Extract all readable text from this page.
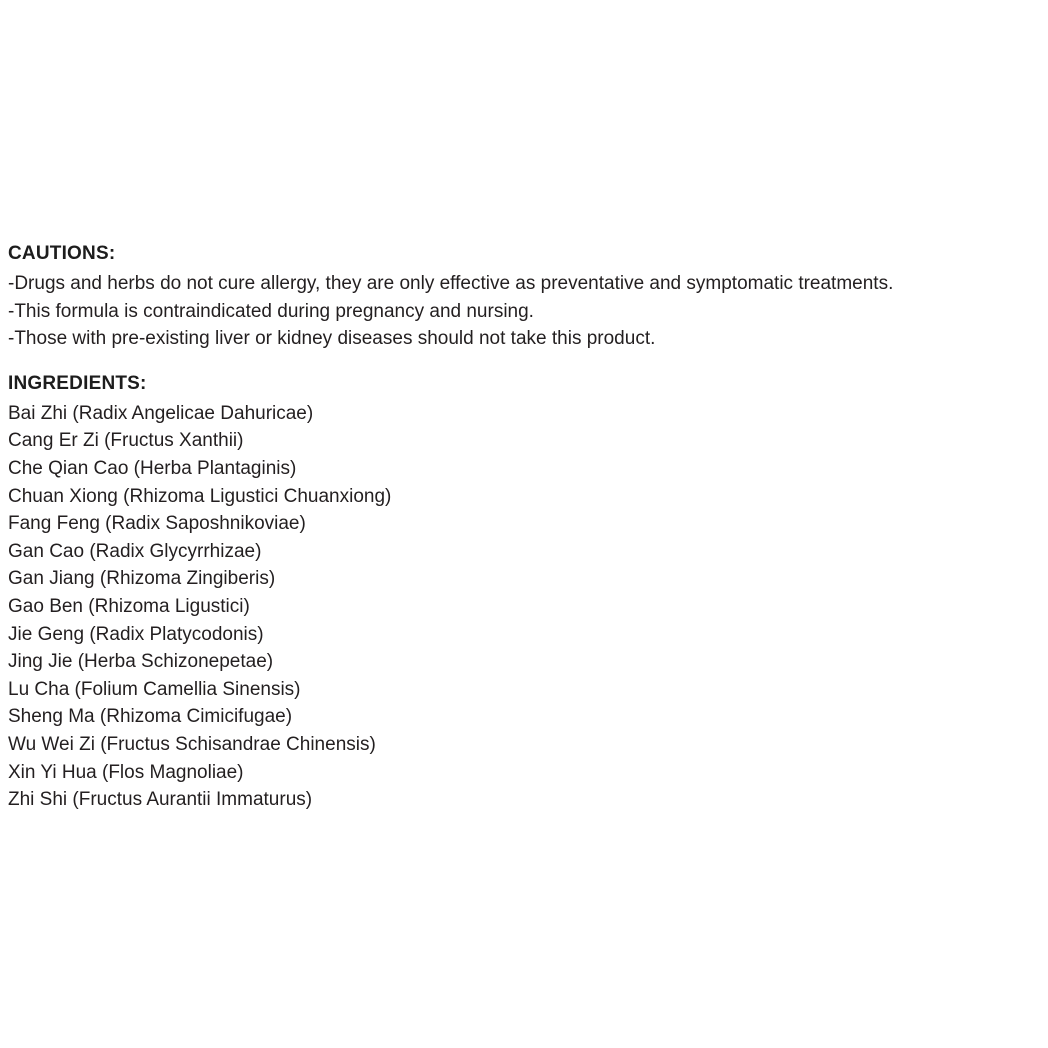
CAUTIONS:

-Drugs and herbs do not cure allergy, they are only effective as preventative and symptomatic treatments.

-This formula is contraindicated during pregnancy and nursing.

-Those with pre-existing liver or kidney diseases should not take this product.

INGREDIENTS:

Bai Zhi (Radix Angelicae Dahuricae)

Cang Er Zi (Fructus Xanthii)

Che Qian Cao (Herba Plantaginis)

Chuan Xiong (Rhizoma Ligustici Chuanxiong)

Fang Feng (Radix Saposhnikoviae)

Gan Cao (Radix Glycyrrhizae)

Gan Jiang (Rhizoma Zingiberis)

Gao Ben (Rhizoma Ligustici)

Jie Geng (Radix Platycodonis)

Jing Jie (Herba Schizonepetae)

Lu Cha (Folium Camellia Sinensis)

Sheng Ma (Rhizoma Cimicifugae)

Wu Wei Zi (Fructus Schisandrae Chinensis)

Xin Yi Hua (Flos Magnoliae)

Zhi Shi (Fructus Aurantii Immaturus)
